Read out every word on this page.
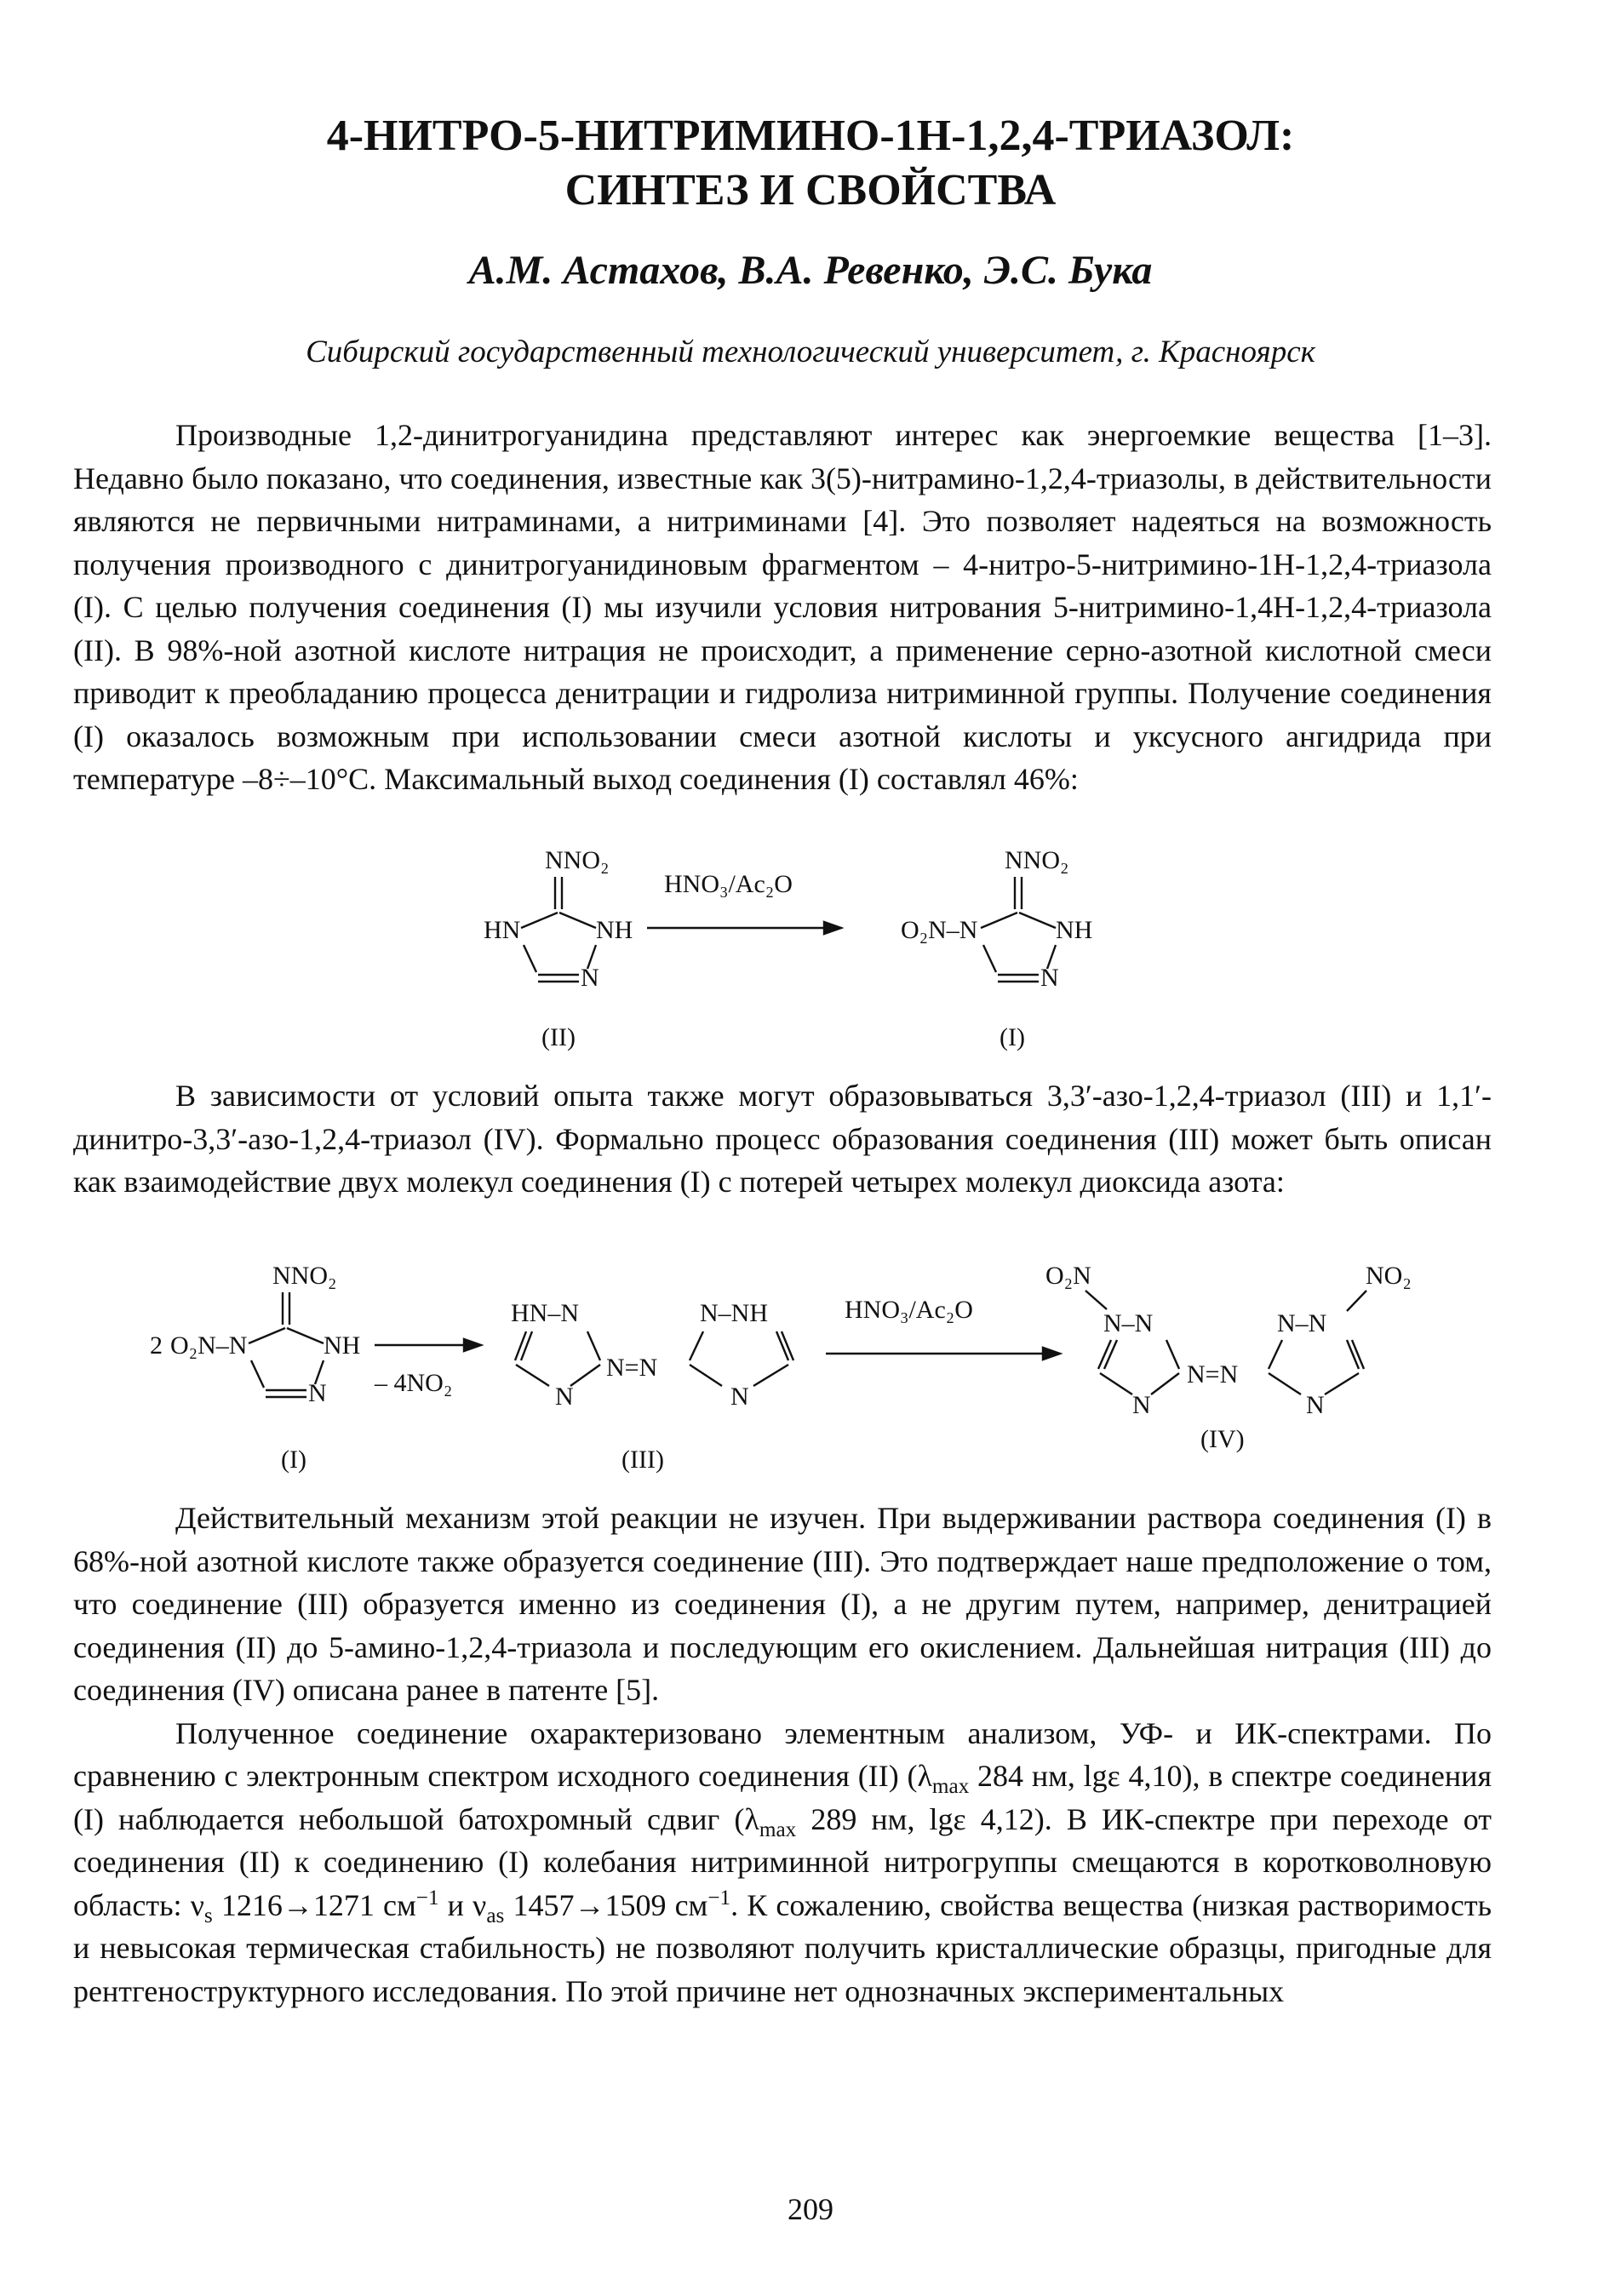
4-НИТРО-5-НИТРИМИНО-1Н-1,2,4-ТРИАЗОЛ:
СИНТЕЗ И СВОЙСТВА
А.М. Астахов, В.А. Ревенко, Э.С. Бука
Сибирский государственный технологический университет, г. Красноярск

Производные 1,2-динитрогуанидина представляют интерес как энергоемкие вещества [1–3]. Недавно было показано, что соединения, известные как 3(5)-нитрамино-1,2,4-триазолы, в действительности являются не первичными нитраминами, а нитриминами [4]. Это позволяет надеяться на возможность получения производного с динитрогуанидиновым фрагментом – 4-нитро-5-нитримино-1Н-1,2,4-триазола (I). С целью получения соединения (I) мы изучили условия нитрования 5-нитримино-1,4Н-1,2,4-триазола (II). В 98%-ной азотной кислоте нитрация не происходит, а применение серно-азотной кислотной смеси приводит к преобладанию процесса денитрации и гидролиза нитриминной группы. Получение соединения (I) оказалось возможным при использовании смеси азотной кислоты и уксусного ангидрида при температуре –8÷–10°С. Максимальный выход соединения (I) составлял 46%:

NNO₂
HN	NH
N
HNO₃/Ac₂O
NNO₂
O₂N–N	NH
N
(II)	(I)

В зависимости от условий опыта также могут образовываться 3,3′-азо-1,2,4-триазол (III) и 1,1′-динитро-3,3′-азо-1,2,4-триазол (IV). Формально процесс образования соединения (III) может быть описан как взаимодействие двух молекул соединения (I) с потерей четырех молекул диоксида азота:

NNO₂
2 O₂N–N	NH
N – 4NO₂
HN–N
N
N=N
N–NH
N
HNO₃/Ac₂O
O₂N
N–N
N
N=N
N–N
NO₂
N
(I)	(III)
(IV)

Действительный механизм этой реакции не изучен. При выдерживании раствора соединения (I) в 68%-ной азотной кислоте также образуется соединение (III). Это подтверждает наше предположение о том, что соединение (III) образуется именно из соединения (I), а не другим путем, например, денитрацией соединения (II) до 5-амино-1,2,4-триазола и последующим его окислением. Дальнейшая нитрация (III) до соединения (IV) описана ранее в патенте [5].

Полученное соединение охарактеризовано элементным анализом, УФ- и ИК-спектрами. По сравнению с электронным спектром исходного соединения (II) ($\lambda_{max}$ 284 нм, lgε 4,10), в спектре соединения (I) наблюдается небольшой батохромный сдвиг ($\lambda_{max}$ 289 нм, lgε 4,12). В ИК-спектре при переходе от соединения (II) к соединению (I) колебания нитриминной нитрогруппы смещаются в коротковолновую область: $\nu_s$ 1216→1271 $см^{-1}$ и $\nu_{as}$ 1457→1509 $см^{-1}$. К сожалению, свойства вещества (низкая растворимость и невысокая термическая стабильность) не позволяют получить кристаллические образцы, пригодные для рентгеноструктурного исследования. По этой причине нет однозначных экспериментальных

209
